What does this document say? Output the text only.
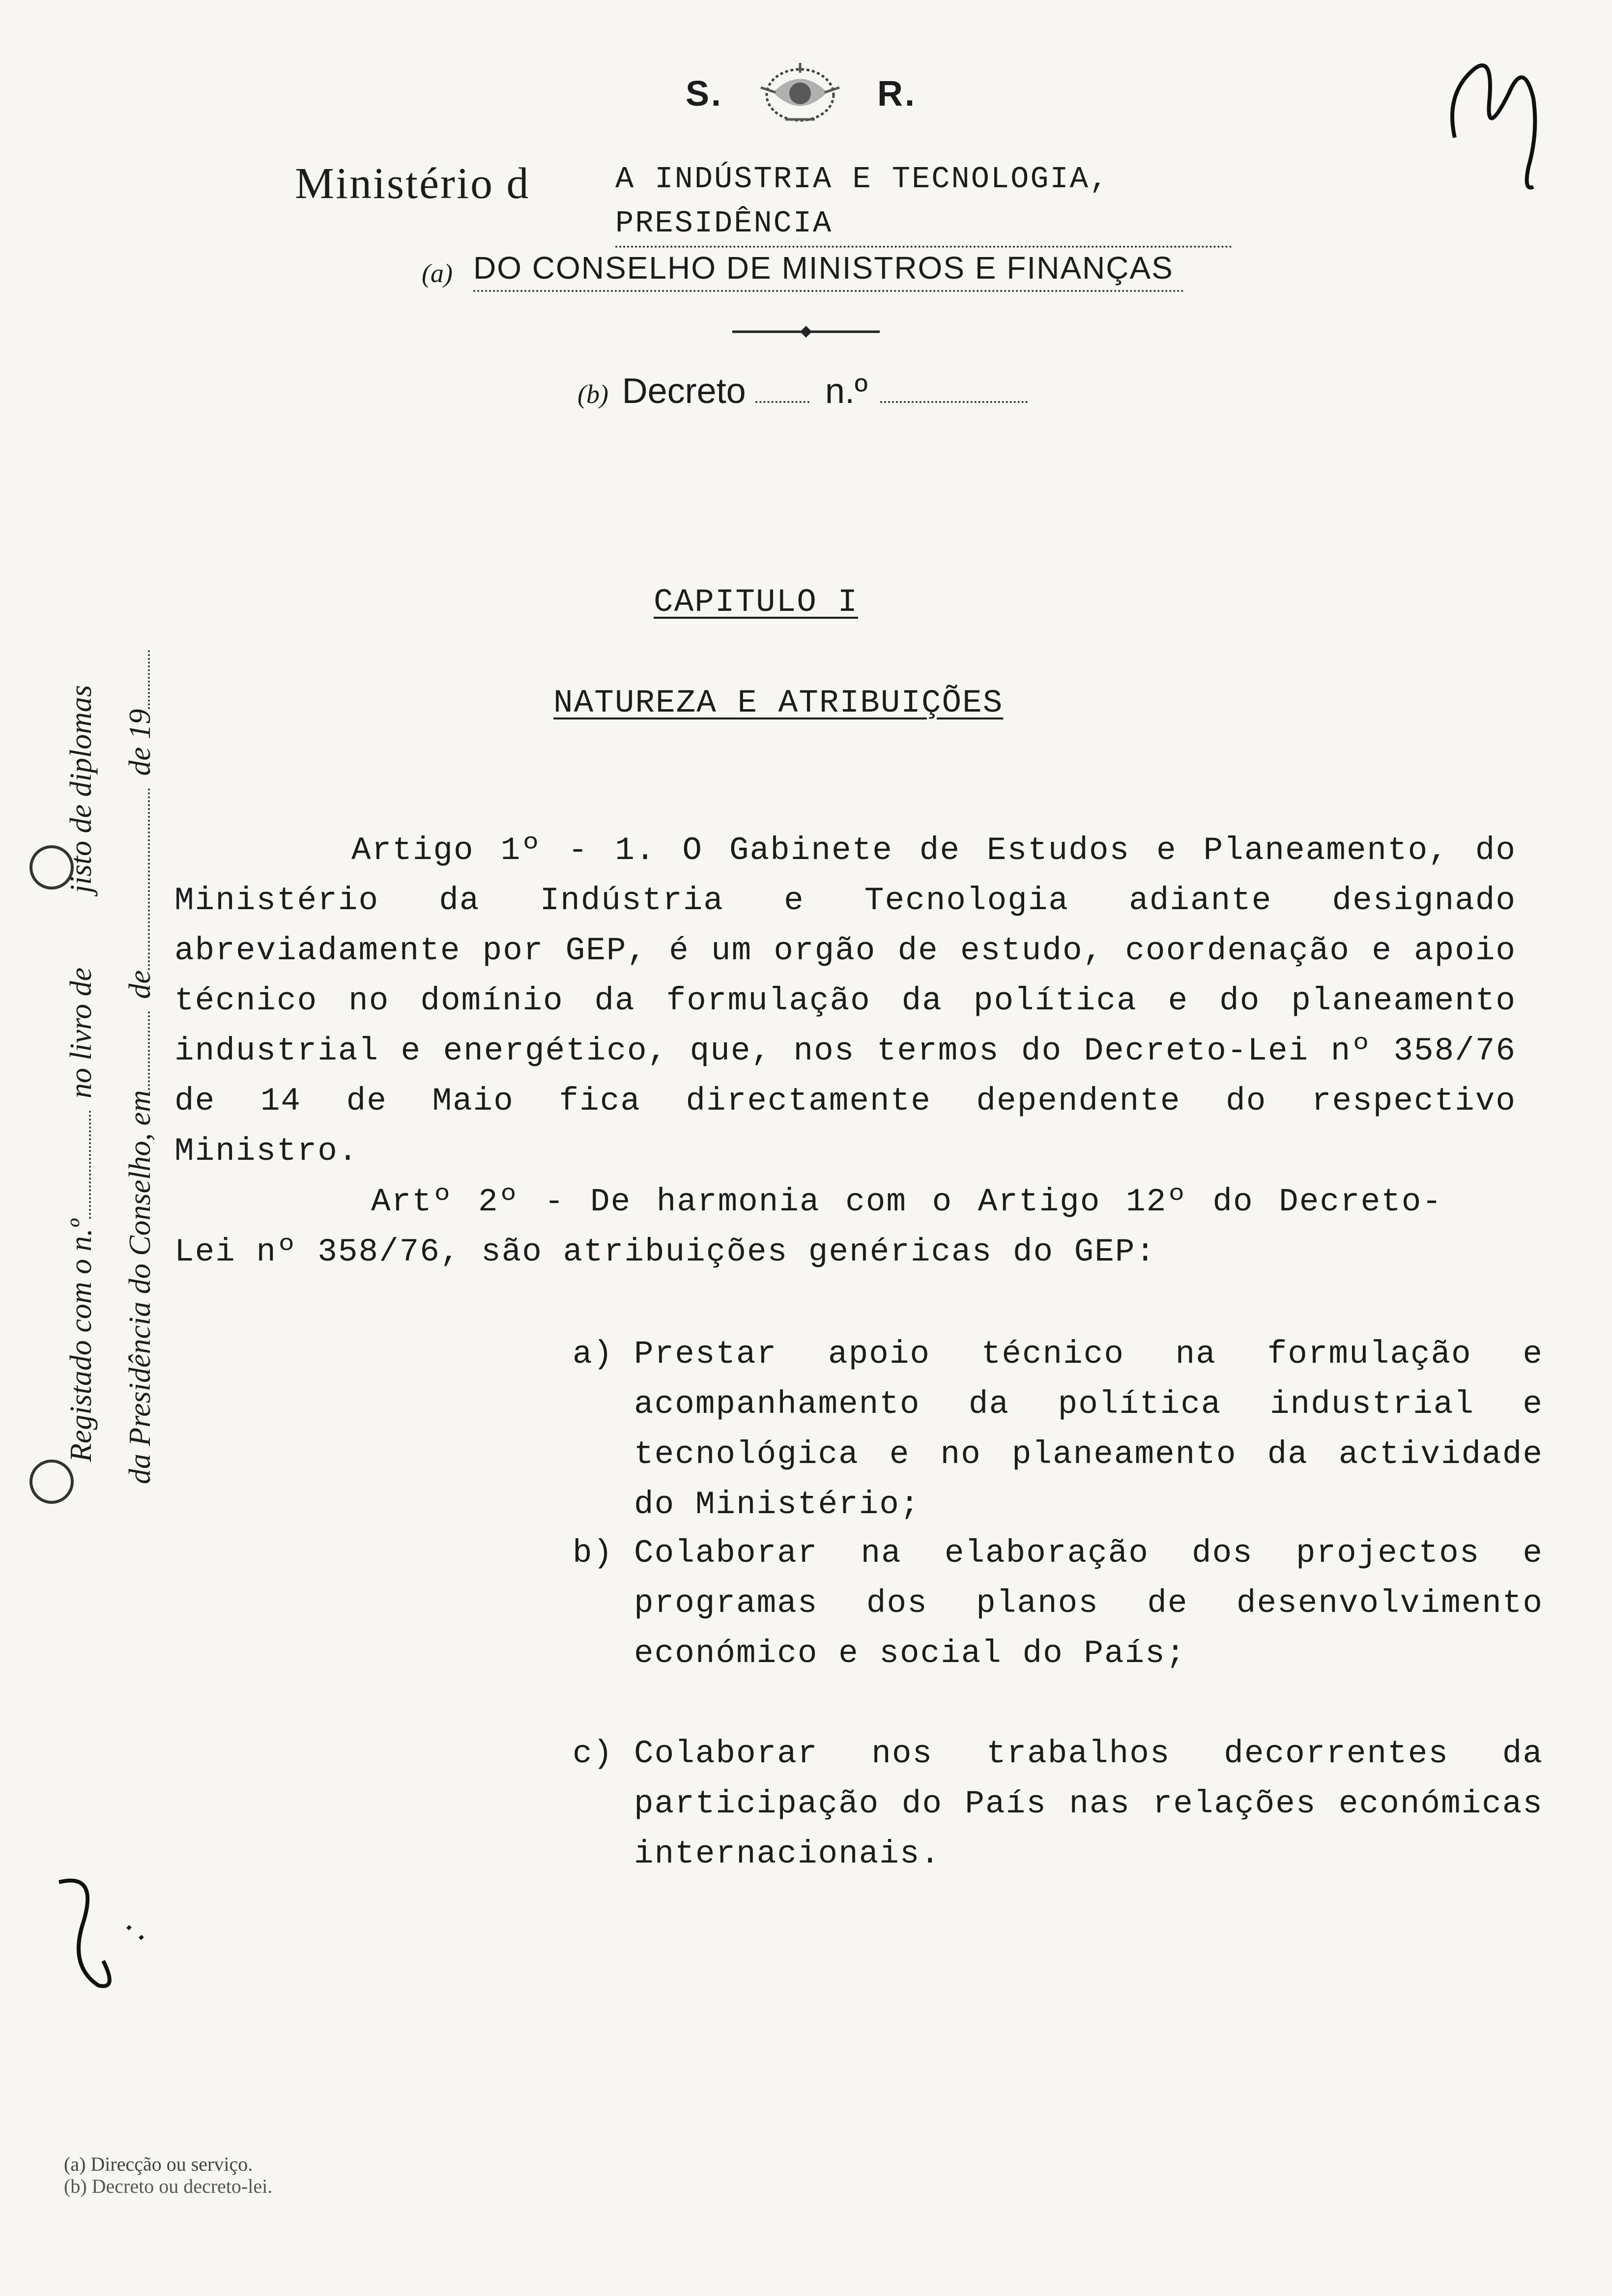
S.	R.
Ministério d	A INDÚSTRIA E TECNOLOGIA, PRESIDÊNCIA
(a) DO CONSELHO DE MINISTROS E FINANÇAS
(b) Decreto n.º
CAPITULO I
NATUREZA E ATRIBUIÇÕES
Artigo 1º - 1. O Gabinete de Estudos e Planeamento, do Ministério da Indústria e Tecnologia adiante designado abreviadamente por GEP, é um orgão de estudo, coordenação e apoio técnico no domínio da formulação da política e do planeamento industrial e energético, que, nos termos do Decreto-Lei nº 358/76 de 14 de Maio fica directamente dependente do respectivo Ministro.
Artº 2º - De harmonia com o Artigo 12º do Decreto-Lei nº 358/76, são atribuições genéricas do GEP:
a) Prestar apoio técnico na formulação e acompanhamento da política industrial e tecnológica e no planeamento da actividade do Ministério;
b) Colaborar na elaboração dos projectos e programas dos planos de desenvolvimento económico e social do País;
c) Colaborar nos trabalhos decorrentes da participação do País nas relações económicas internacionais.
Registado com o n.º no livro de  jisto de diplomas
da Presidência do Conselho, em de de 19
(a) Direcção ou serviço.
(b) Decreto ou decreto-lei.
